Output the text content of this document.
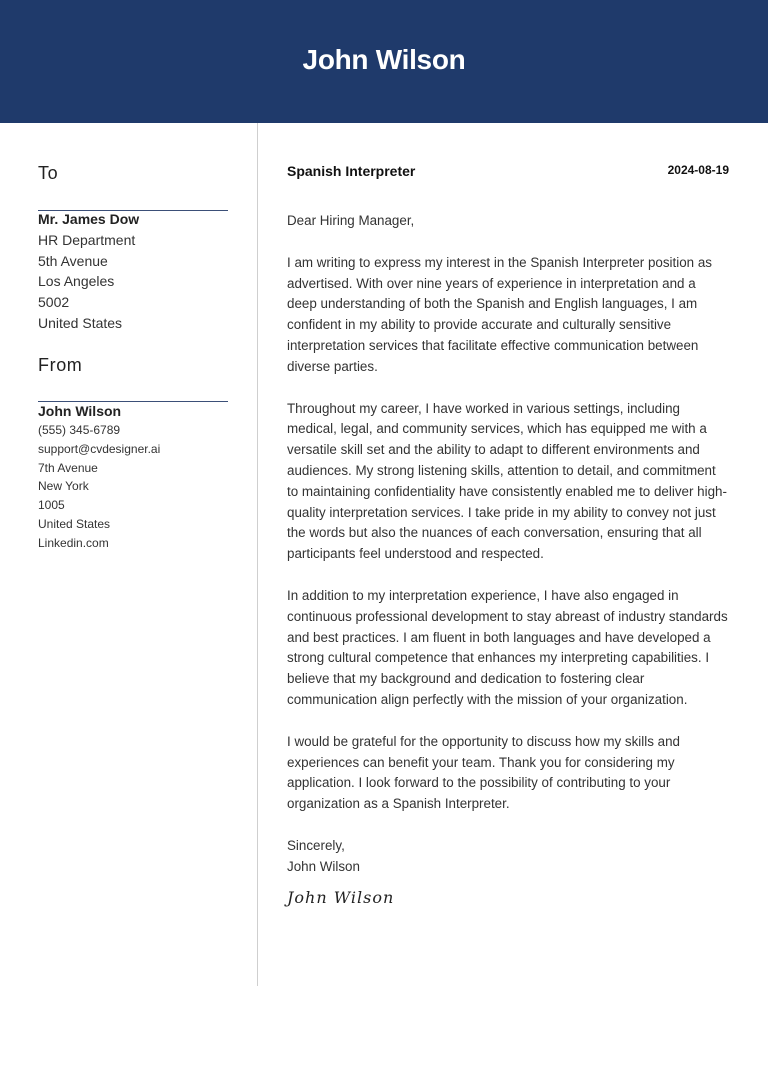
John Wilson
To
Mr. James Dow
HR Department
5th Avenue
Los Angeles
5002
United States
From
John Wilson
(555) 345-6789
support@cvdesigner.ai
7th Avenue
New York
1005
United States
Linkedin.com
Spanish Interpreter	2024-08-19

Dear Hiring Manager,

I am writing to express my interest in the Spanish Interpreter position as advertised. With over nine years of experience in interpretation and a deep understanding of both the Spanish and English languages, I am confident in my ability to provide accurate and culturally sensitive interpretation services that facilitate effective communication between diverse parties.

Throughout my career, I have worked in various settings, including medical, legal, and community services, which has equipped me with a versatile skill set and the ability to adapt to different environments and audiences. My strong listening skills, attention to detail, and commitment to maintaining confidentiality have consistently enabled me to deliver high-quality interpretation services. I take pride in my ability to convey not just the words but also the nuances of each conversation, ensuring that all participants feel understood and respected.

In addition to my interpretation experience, I have also engaged in continuous professional development to stay abreast of industry standards and best practices. I am fluent in both languages and have developed a strong cultural competence that enhances my interpreting capabilities. I believe that my background and dedication to fostering clear communication align perfectly with the mission of your organization.

I would be grateful for the opportunity to discuss how my skills and experiences can benefit your team. Thank you for considering my application. I look forward to the possibility of contributing to your organization as a Spanish Interpreter.

Sincerely,
John Wilson
John Wilson
